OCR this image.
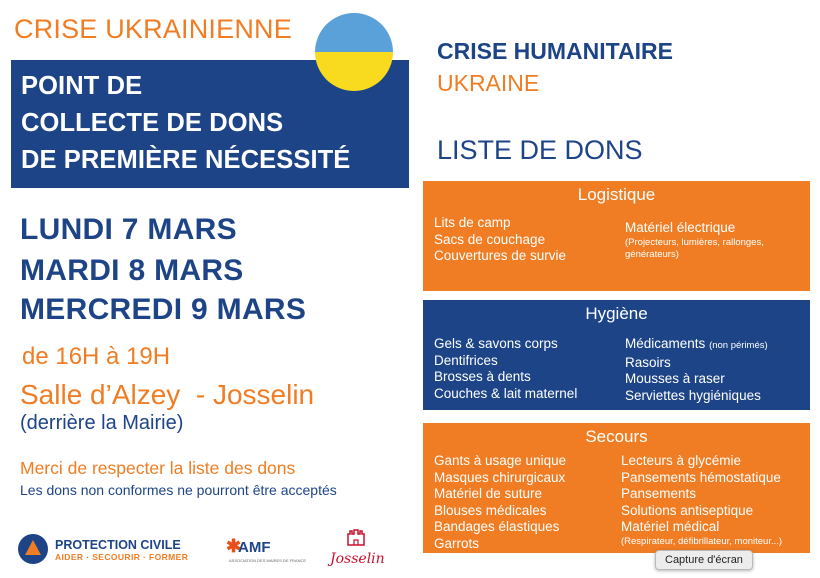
CRISE UKRAINIENNE
POINT DE
COLLECTE DE DONS
DE PREMIÈRE NÉCESSITÉ
LUNDI 7 MARS
MARDI 8 MARS
MERCREDI 9 MARS
de 16H à 19H
Salle d’Alzey  - Josselin
(derrière la Mairie)
Merci de respecter la liste des dons
Les dons non conformes ne pourront être acceptés
CRISE HUMANITAIRE
UKRAINE
LISTE DE DONS
Logistique
Lits de camp
Sacs de couchage
Couvertures de survie
Matériel électrique
(Projecteurs, lumières, rallonges,
générateurs)
Hygiène
Gels & savons corps
Dentifrices
Brosses à dents
Couches & lait maternel
Médicaments (non périmés)
Rasoirs
Mousses à raser
Serviettes hygiéniques
Secours
Gants à usage unique
Masques chirurgicaux
Matériel de suture
Blouses médicales
Bandages élastiques
Garrots
Lecteurs à glycémie
Pansements hémostatique
Pansements
Solutions antiseptique
Matériel médical
(Respirateur, défibrillateur, moniteur...)
PROTECTION CIVILE
AIDER · SECOURIR · FORMER
✱
AMF
ASSOCIATION DES MAIRES DE FRANCE Josselin	Capture d'écran
